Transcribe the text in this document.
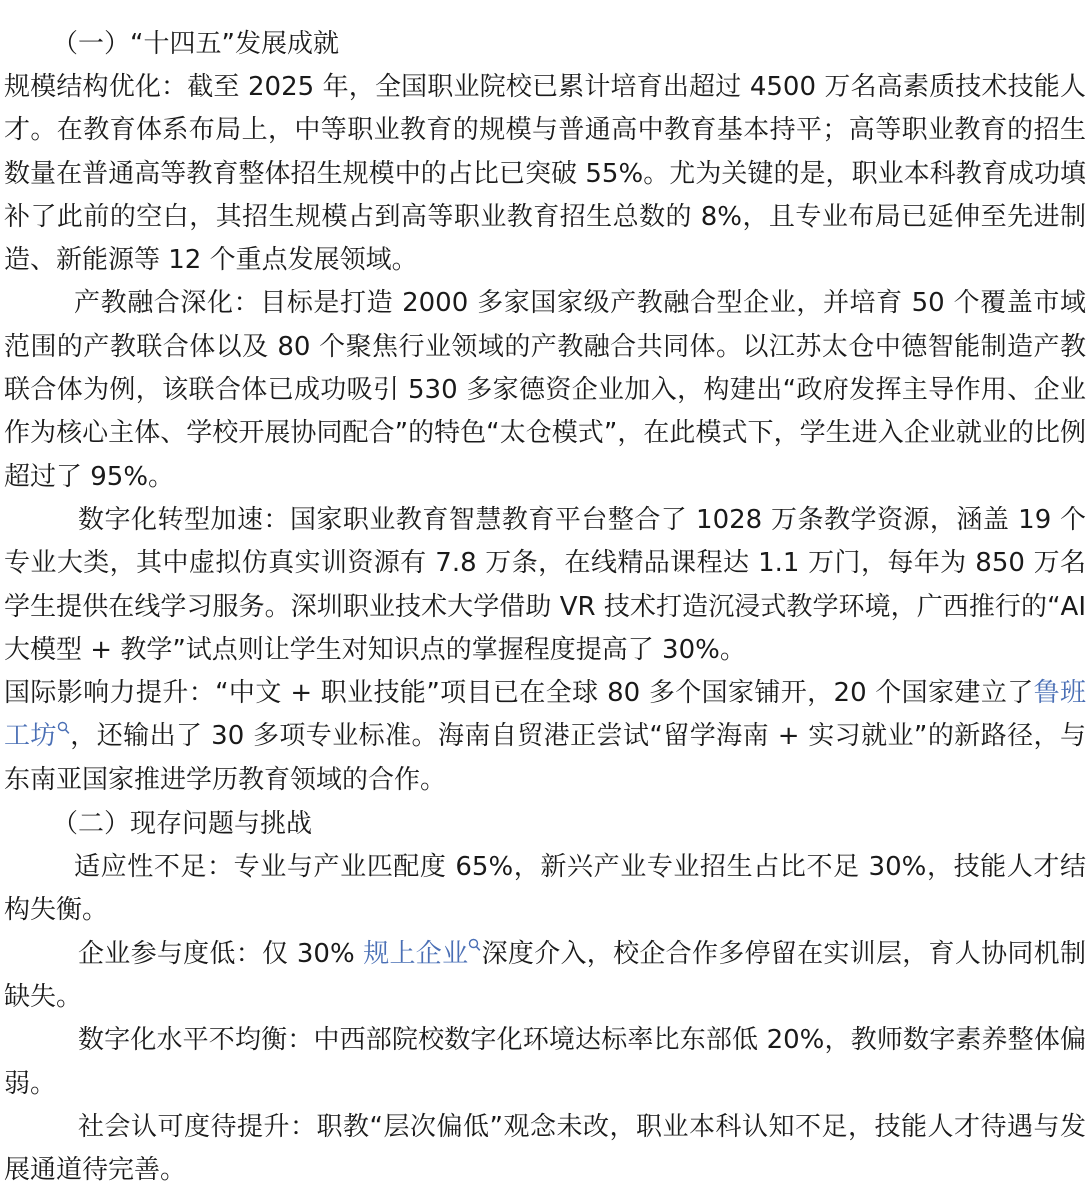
（一）“十四五”发展成就

规模结构优化：截至 2025 年，全国职业院校已累计培育出超过 4500 万名高素质技术技能人才。在教育体系布局上，中等职业教育的规模与普通高中教育基本持平；高等职业教育的招生数量在普通高等教育整体招生规模中的占比已突破 55%。尤为关键的是，职业本科教育成功填补了此前的空白，其招生规模占到高等职业教育招生总数的 8%，且专业布局已延伸至先进制造、新能源等 12 个重点发展领域。

产教融合深化：目标是打造 2000 多家国家级产教融合型企业，并培育 50 个覆盖市域范围的产教联合体以及 80 个聚焦行业领域的产教融合共同体。以江苏太仓中德智能制造产教联合体为例，该联合体已成功吸引 530 多家德资企业加入，构建出“政府发挥主导作用、企业作为核心主体、学校开展协同配合”的特色“太仓模式”，在此模式下，学生进入企业就业的比例超过了 95%。

数字化转型加速：国家职业教育智慧教育平台整合了 1028 万条教学资源，涵盖 19 个专业大类，其中虚拟仿真实训资源有 7.8 万条，在线精品课程达 1.1 万门，每年为 850 万名学生提供在线学习服务。深圳职业技术大学借助 VR 技术打造沉浸式教学环境，广西推行的“AI 大模型 + 教学”试点则让学生对知识点的掌握程度提高了 30%。

国际影响力提升：“中文 + 职业技能”项目已在全球 80 多个国家铺开，20 个国家建立了鲁班工坊 ，还输出了 30 多项专业标准。海南自贸港正尝试“留学海南 + 实习就业”的新路径，与东南亚国家推进学历教育领域的合作。

（二）现存问题与挑战

适应性不足：专业与产业匹配度 65%，新兴产业专业招生占比不足 30%，技能人才结构失衡。

企业参与度低：仅 30% 规上企业 深度介入，校企合作多停留在实训层，育人协同机制缺失。

数字化水平不均衡：中西部院校数字化环境达标率比东部低 20%，教师数字素养整体偏弱。

社会认可度待提升：职教“层次偏低”观念未改，职业本科认知不足，技能人才待遇与发展通道待完善。
